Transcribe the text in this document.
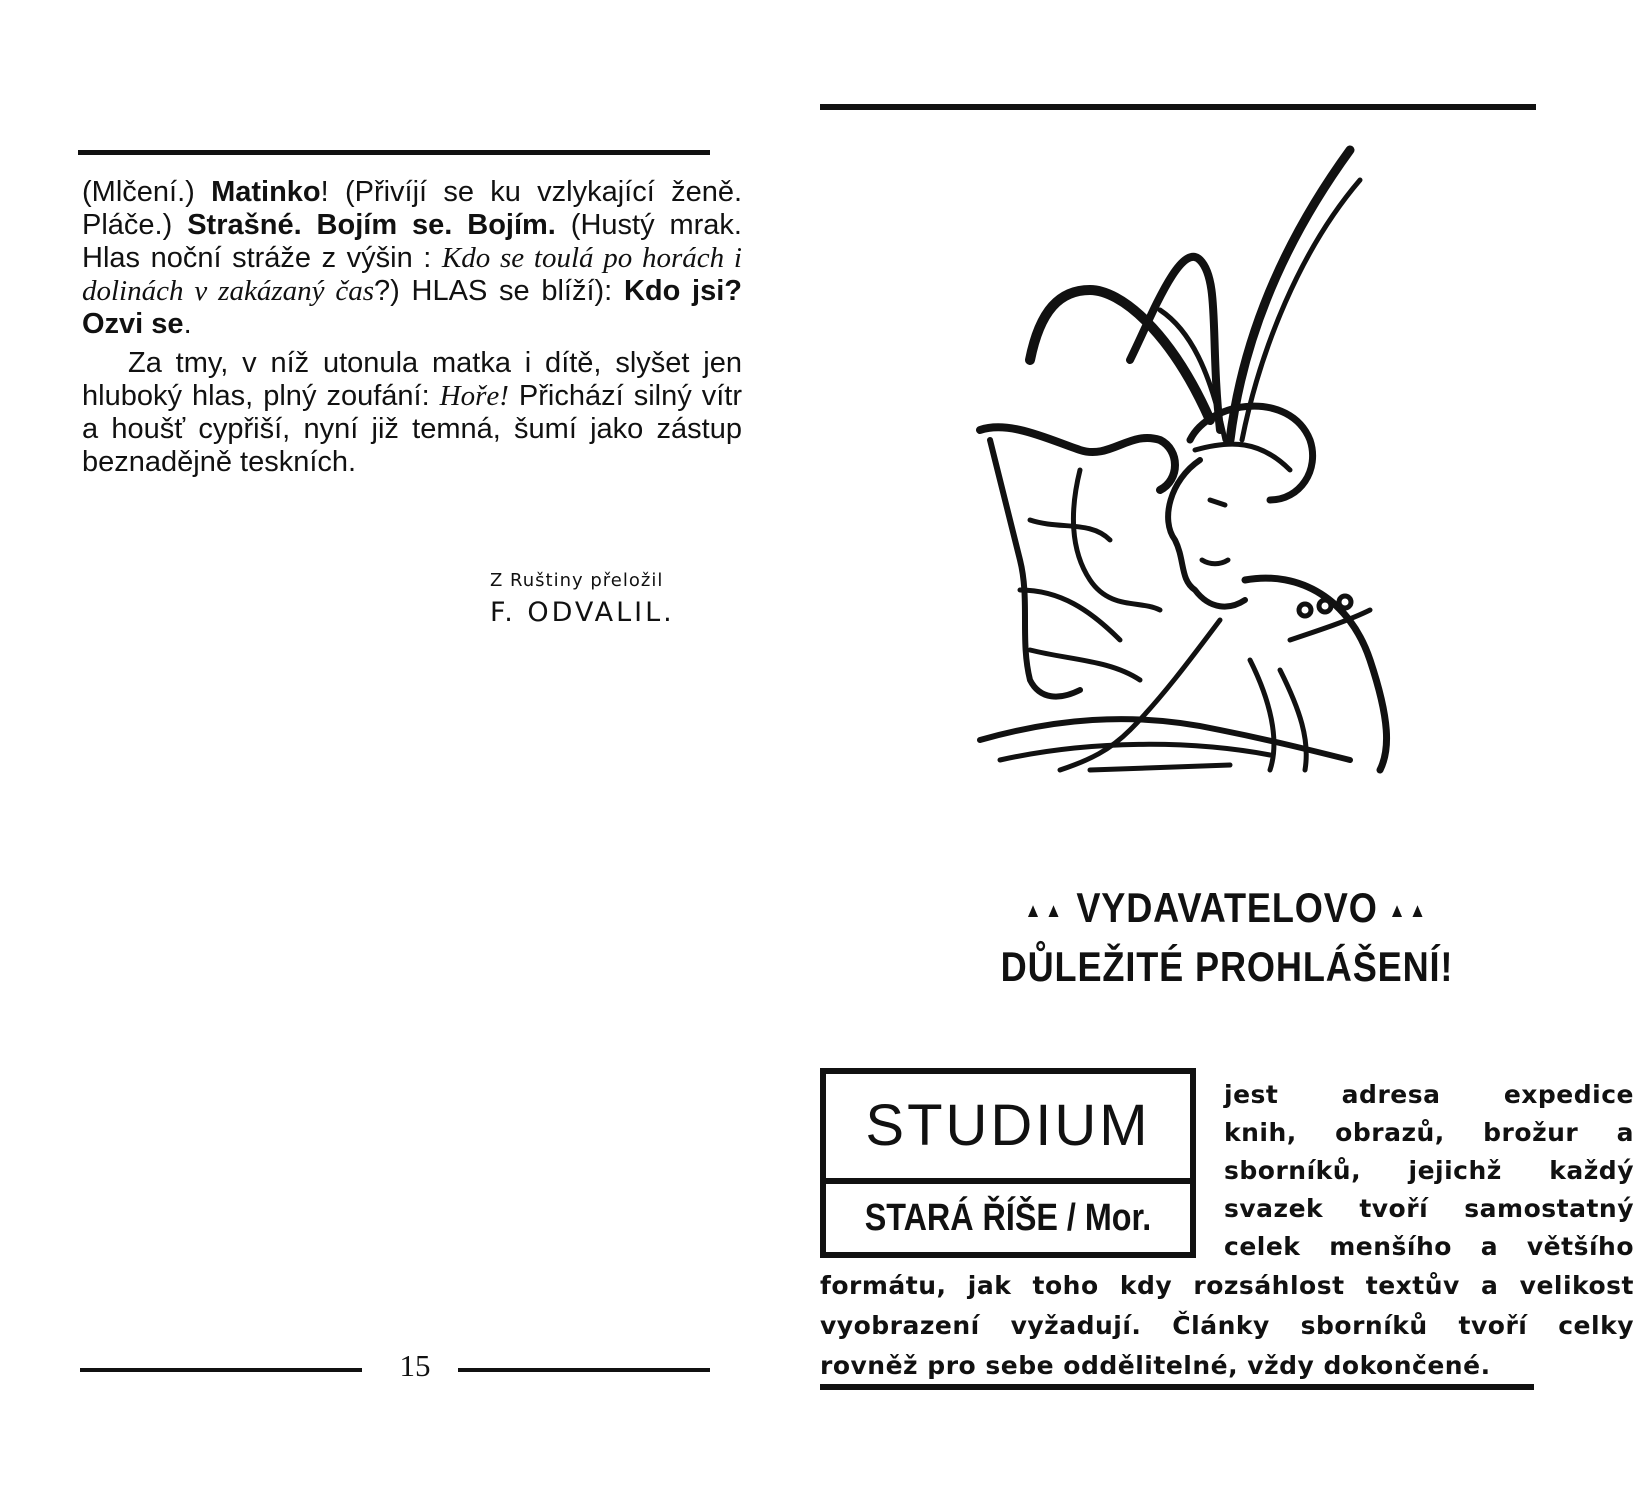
(Mlčení.) Matinko! (Přivíjí se ku vzlykající ženě. Pláče.) Strašné. Bojím se. Bojím. (Hustý mrak. Hlas noční stráže z výšin : Kdo se toulá po horách i dolinách v zakázaný čas?) HLAS se blíží): Kdo jsi? Ozvi se.

Za tmy, v níž utonula matka i dítě, slyšet jen hluboký hlas, plný zoufání: Hoře! Přichází silný vítr a houšť cypřiší, nyní již temná, šumí jako zástup beznadějně teskních.

Z Ruštiny přeložil
F. ODVALIL.
15
▲▲ VYDAVATELOVO ▲▲
DŮLEŽITÉ PROHLÁŠENÍ!
STUDIUM
STARÁ ŘÍŠE / Mor.
jest adresa expedice
knih, obrazů, brožur a
sborníků, jejichž každý
svazek tvoří samostatný
celek menšího a většího
formátu, jak toho kdy rozsáhlost textův a velikost
vyobrazení vyžadují. Články sborníků tvoří celky
rovněž pro sebe oddělitelné, vždy dokončené.
